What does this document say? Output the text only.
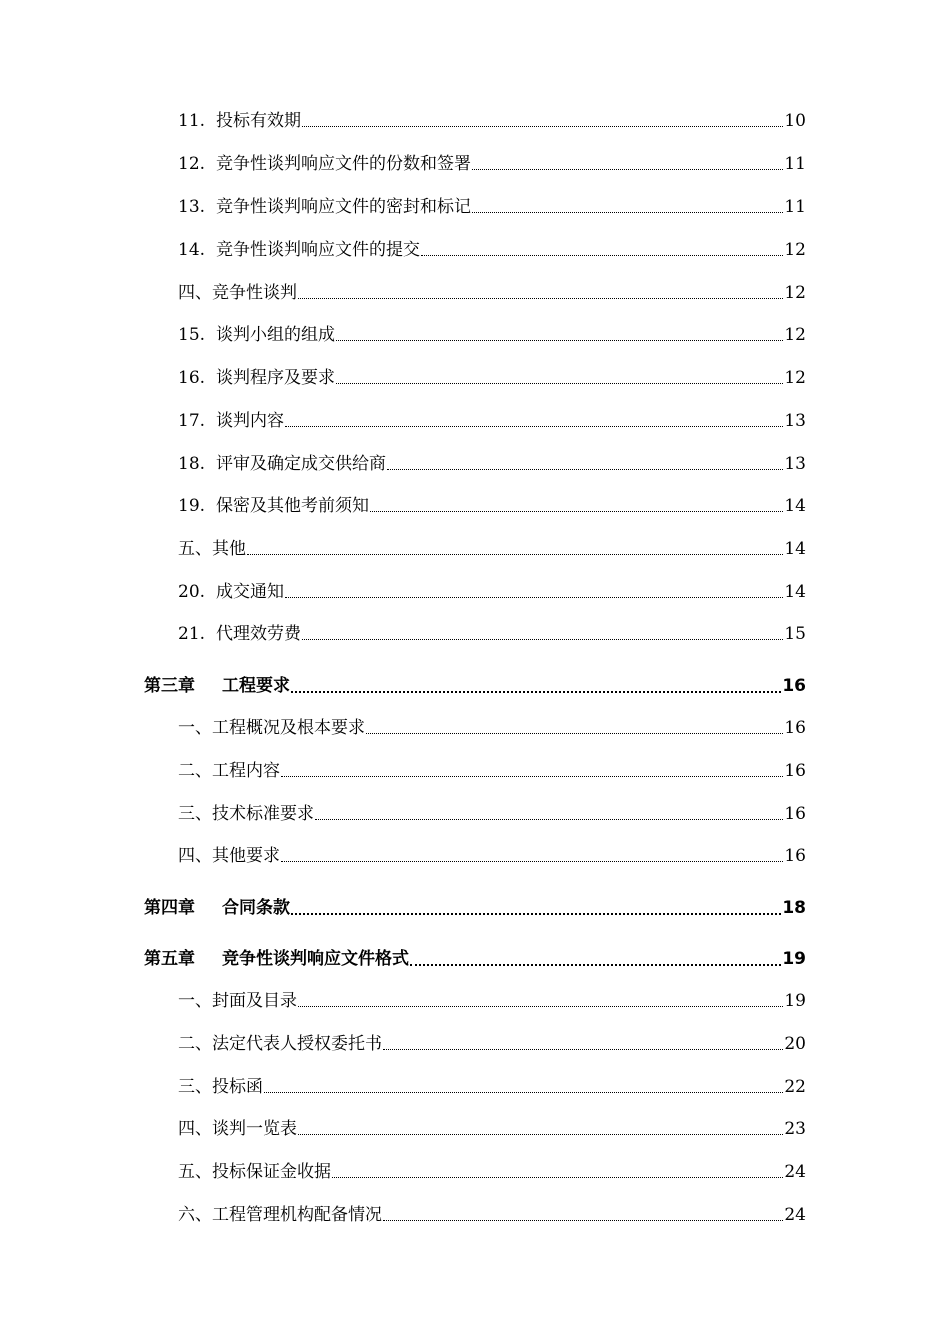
11. 投标有效期	10
12. 竞争性谈判响应文件的份数和签署	11
13. 竞争性谈判响应文件的密封和标记	11
14. 竞争性谈判响应文件的提交	12
四、竞争性谈判	12
15. 谈判小组的组成	12
16. 谈判程序及要求	12
17. 谈判内容	13
18. 评审及确定成交供给商	13
19. 保密及其他考前须知	14
五、其他	14
20. 成交通知	14
21. 代理效劳费	15
第三章	工程要求	16
一、工程概况及根本要求	16
二、工程内容	16
三、技术标准要求	16
四、其他要求	16
第四章	合同条款	18
第五章	竞争性谈判响应文件格式	19
一、封面及目录	19
二、法定代表人授权委托书	20
三、投标函	22
四、谈判一览表	23
五、投标保证金收据	24
六、工程管理机构配备情况	24
